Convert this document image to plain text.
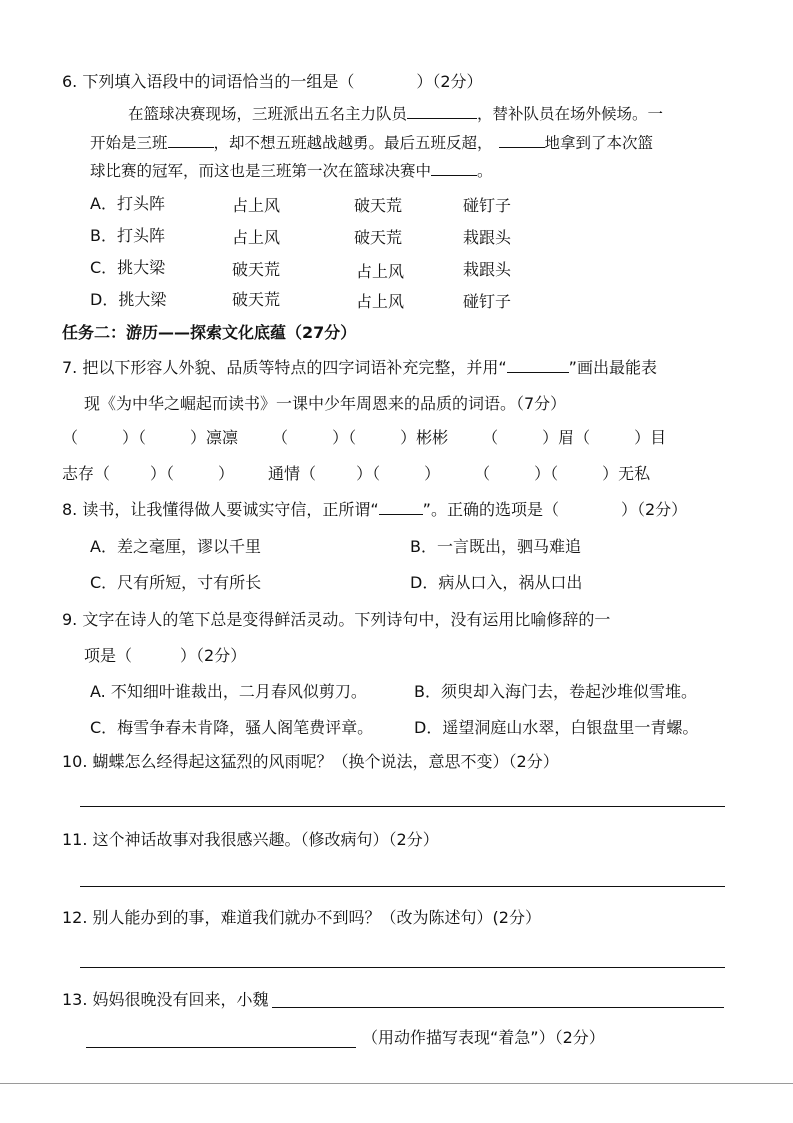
6. 下列填入语段中的词语恰当的一组是（	）（2分）
在篮球决赛现场，三班派出五名主力队员	，替补队员在场外候场。一
开始是三班	，却不想五班越战越勇。最后五班反超，	地拿到了本次篮
球比赛的冠军，而这也是三班第一次在篮球决赛中	。
A．打头阵	占上风	破天荒	碰钉子
B．打头阵	占上风	破天荒	栽跟头
C．挑大梁	破天荒	占上风	栽跟头
D．挑大梁	破天荒	占上风	碰钉子
任务二：游历——探索文化底蕴（27分）
7. 把以下形容人外貌、品质等特点的四字词语补充完整，并用“	”画出最能表
现《为中华之崛起而读书》一课中少年周恩来的品质的词语。（7分）
（	）（	）凛凛 （	）（	）彬彬 （	）眉（	）目
志存（	）（	） 通情（	）（	） （	）（	）无私
8. 读书，让我懂得做人要诚实守信，正所谓“	”。正确的选项是（	）（2分）
A．差之毫厘，谬以千里	B．一言既出，驷马难追
C．尺有所短，寸有所长	D．病从口入，祸从口出
9. 文字在诗人的笔下总是变得鲜活灵动。下列诗句中，没有运用比喻修辞的一
项是（	）（2分）
A. 不知细叶谁裁出，二月春风似剪刀。	B．须臾却入海门去，卷起沙堆似雪堆。
C．梅雪争春未肯降，骚人阁笔费评章。	D．遥望洞庭山水翠，白银盘里一青螺。
10. 蝴蝶怎么经得起这猛烈的风雨呢？（换个说法，意思不变）（2分）
11. 这个神话故事对我很感兴趣。（修改病句）（2分）
12. 别人能办到的事，难道我们就办不到吗？（改为陈述句）(2分）
13. 妈妈很晚没有回来，小魏
（用动作描写表现“着急”）（2分）
